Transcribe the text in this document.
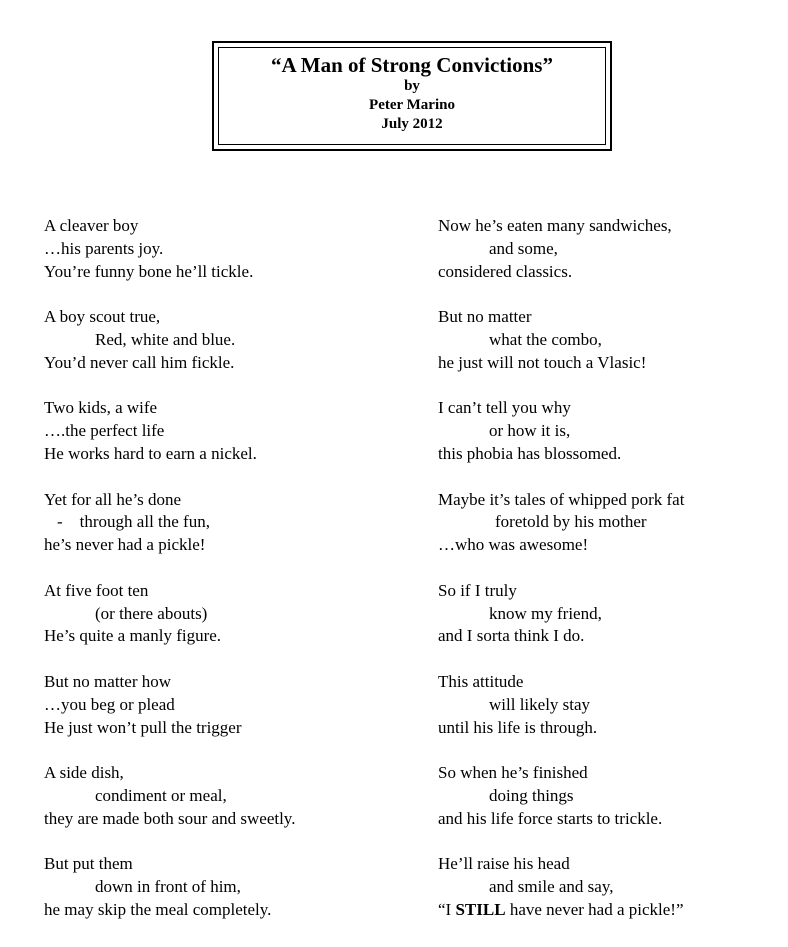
“A Man of Strong Convictions”
by
Peter Marino
July 2012
A cleaver boy
…his parents joy.
You’re funny bone he’ll tickle.
A boy scout true,
Red, white and blue.
You’d never call him fickle.
Two kids, a wife
….the perfect life
He works hard to earn a nickel.
Yet for all he’s done
-    through all the fun,
he’s never had a pickle!
At five foot ten
(or there abouts)
He’s quite a manly figure.
But no matter how
…you beg or plead
He just won’t pull the trigger
A side dish,
condiment or meal,
they are made both sour and sweetly.
But put them
down in front of him,
he may skip the meal completely.
Now he’s eaten many sandwiches,
and some,
considered classics.
But no matter
what the combo,
he just will not touch a Vlasic!
I can’t tell you why
or how it is,
this phobia has blossomed.
Maybe it’s tales of whipped pork fat
foretold by his mother
…who was awesome!
So if I truly
know my friend,
and I sorta think I do.
This attitude
will likely stay
until his life is through.
So when he’s finished
doing things
and his life force starts to trickle.
He’ll raise his head
and smile and say,
“I STILL have never had a pickle!”
